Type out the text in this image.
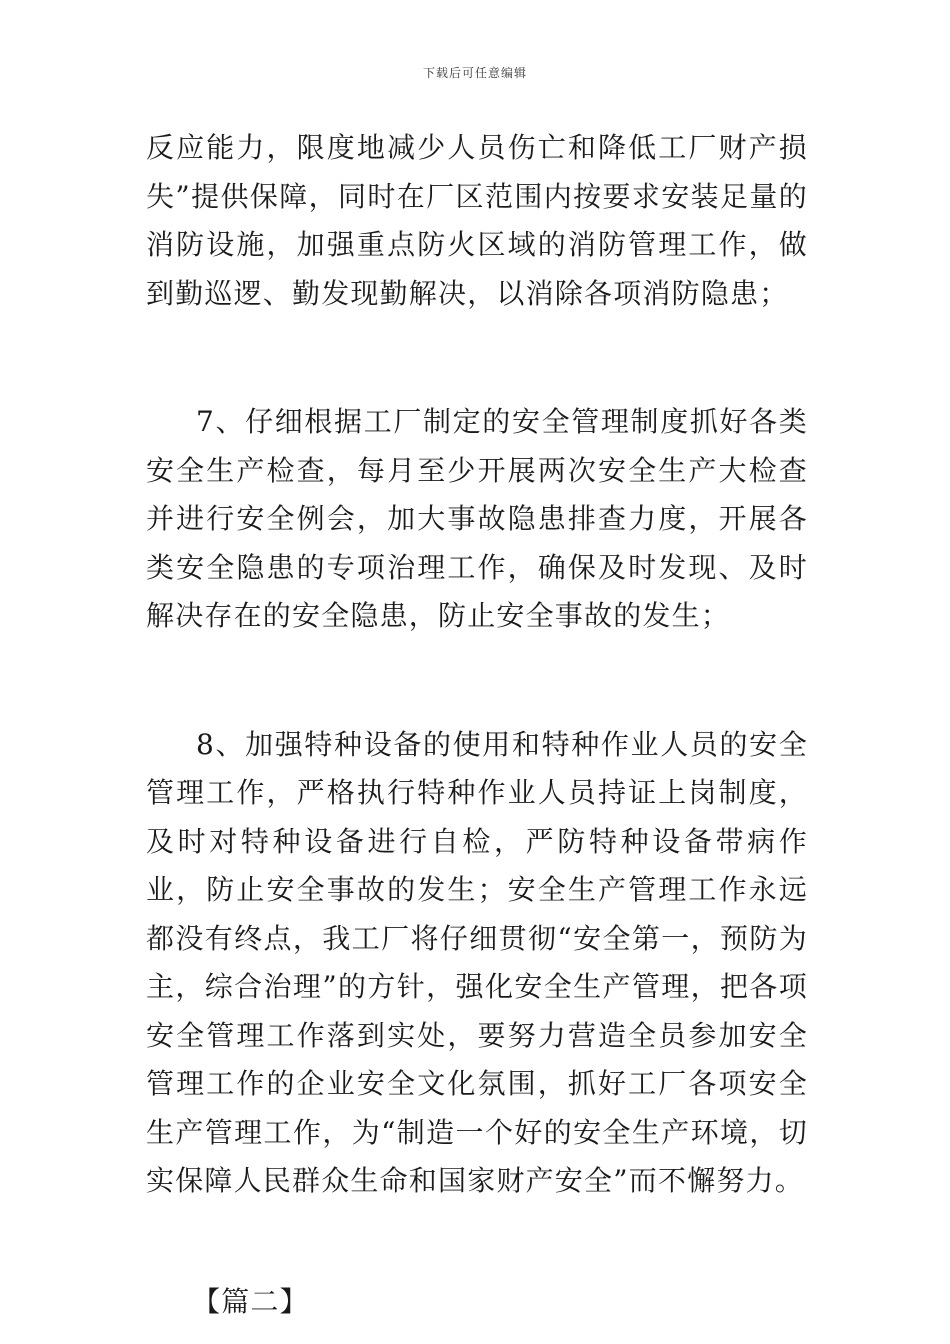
下载后可任意编辑

反应能力，限度地减少人员伤亡和降低工厂财产损失”提供保障，同时在厂区范围内按要求安装足量的消防设施，加强重点防火区域的消防管理工作，做到勤巡逻、勤发现勤解决，以消除各项消防隐患；

7、仔细根据工厂制定的安全管理制度抓好各类安全生产检查，每月至少开展两次安全生产大检查并进行安全例会，加大事故隐患排查力度，开展各类安全隐患的专项治理工作，确保及时发现、及时解决存在的安全隐患，防止安全事故的发生；

8、加强特种设备的使用和特种作业人员的安全管理工作，严格执行特种作业人员持证上岗制度，及时对特种设备进行自检，严防特种设备带病作业，防止安全事故的发生；安全生产管理工作永远都没有终点，我工厂将仔细贯彻“安全第一，预防为主，综合治理”的方针，强化安全生产管理，把各项安全管理工作落到实处，要努力营造全员参加安全管理工作的企业安全文化氛围，抓好工厂各项安全生产管理工作，为“制造一个好的安全生产环境，切实保障人民群众生命和国家财产安全”而不懈努力。

【篇二】
